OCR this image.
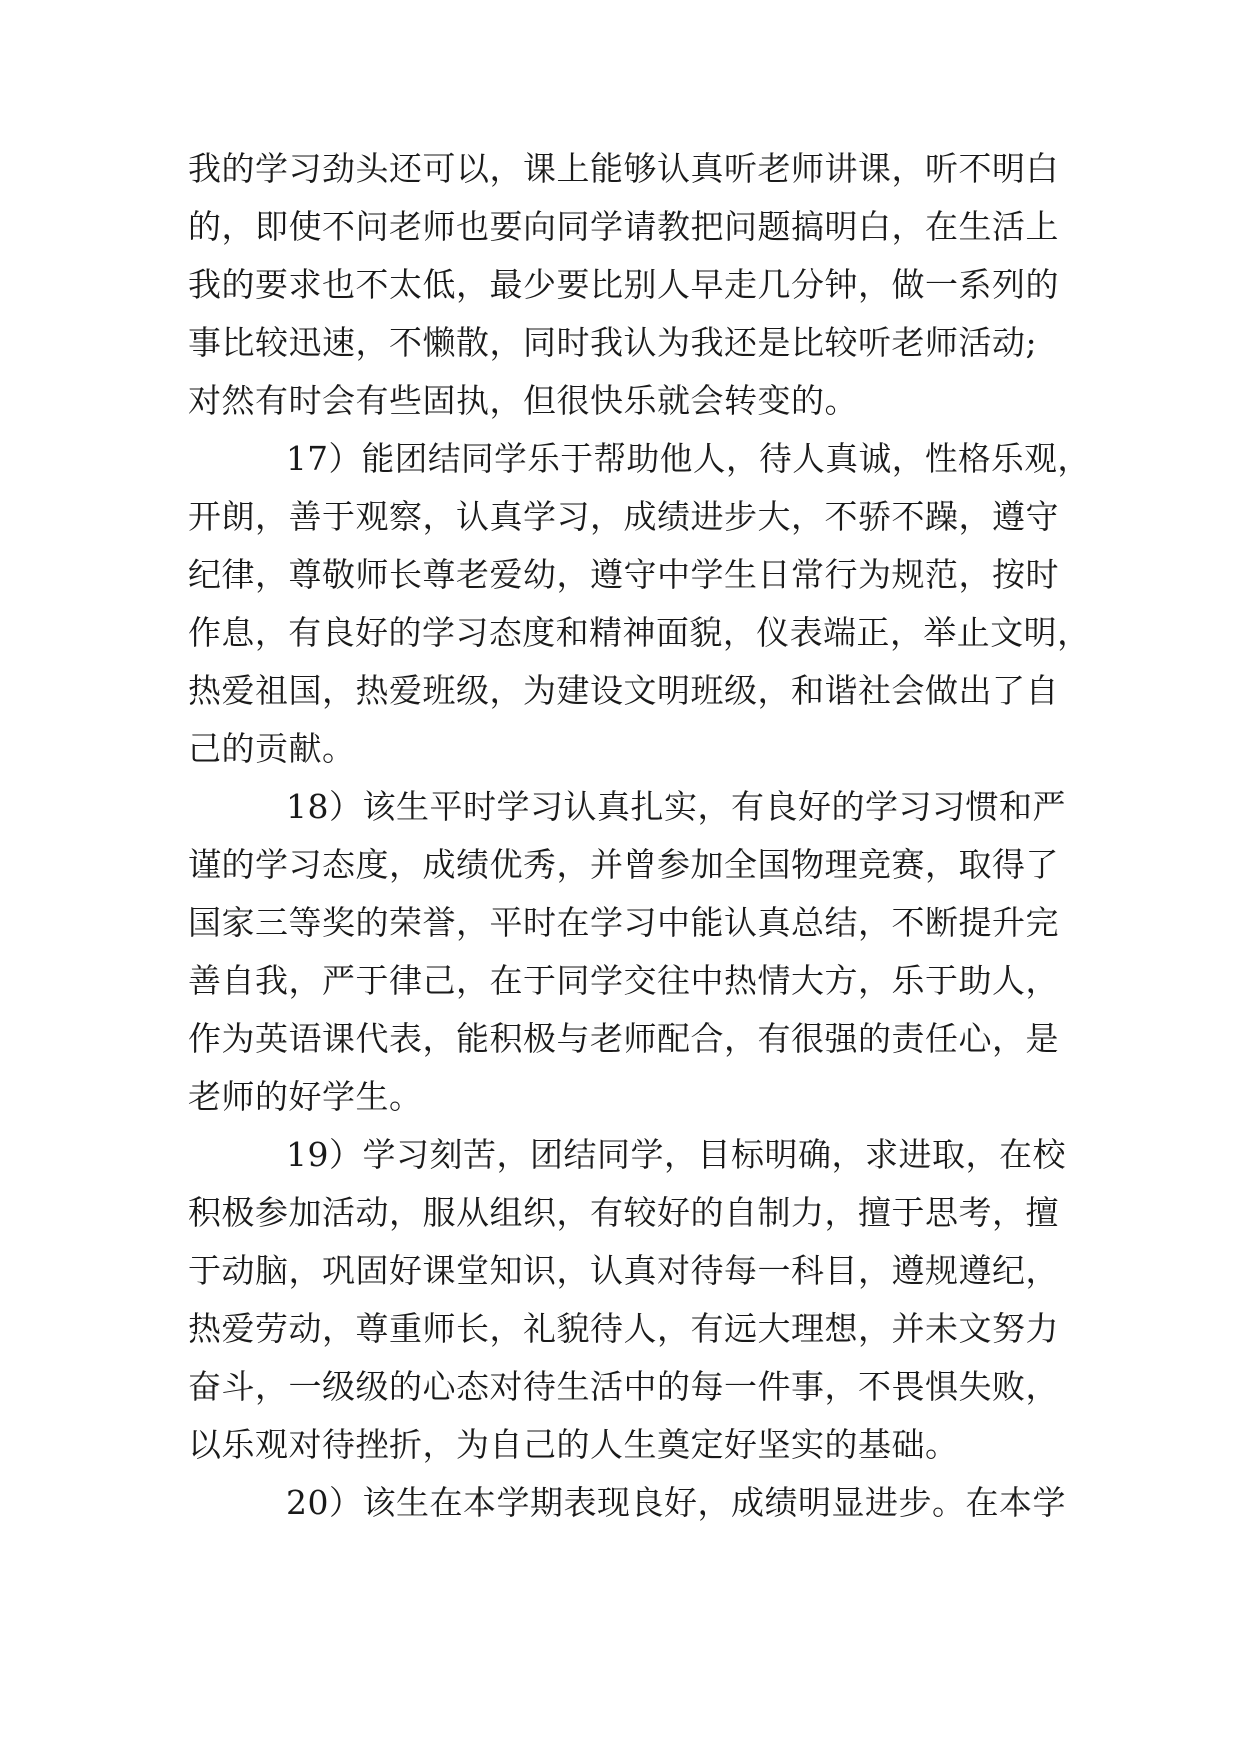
我的学习劲头还可以，课上能够认真听老师讲课，听不明白
的，即使不问老师也要向同学请教把问题搞明白，在生活上
我的要求也不太低，最少要比别人早走几分钟，做一系列的
事比较迅速，不懒散，同时我认为我还是比较听老师活动;
对然有时会有些固执，但很快乐就会转变的。
17）能团结同学乐于帮助他人，待人真诚，性格乐观，
开朗，善于观察，认真学习，成绩进步大，不骄不躁，遵守
纪律，尊敬师长尊老爱幼，遵守中学生日常行为规范，按时
作息，有良好的学习态度和精神面貌，仪表端正，举止文明，
热爱祖国，热爱班级，为建设文明班级，和谐社会做出了自
己的贡献。
18）该生平时学习认真扎实，有良好的学习习惯和严
谨的学习态度，成绩优秀，并曾参加全国物理竞赛，取得了
国家三等奖的荣誉，平时在学习中能认真总结，不断提升完
善自我，严于律己，在于同学交往中热情大方，乐于助人，
作为英语课代表，能积极与老师配合，有很强的责任心，是
老师的好学生。
19）学习刻苦，团结同学，目标明确，求进取，在校
积极参加活动，服从组织，有较好的自制力，擅于思考，擅
于动脑，巩固好课堂知识，认真对待每一科目，遵规遵纪，
热爱劳动，尊重师长，礼貌待人，有远大理想，并未文努力
奋斗，一级级的心态对待生活中的每一件事，不畏惧失败，
以乐观对待挫折，为自己的人生奠定好坚实的基础。
20）该生在本学期表现良好，成绩明显进步。在本学
